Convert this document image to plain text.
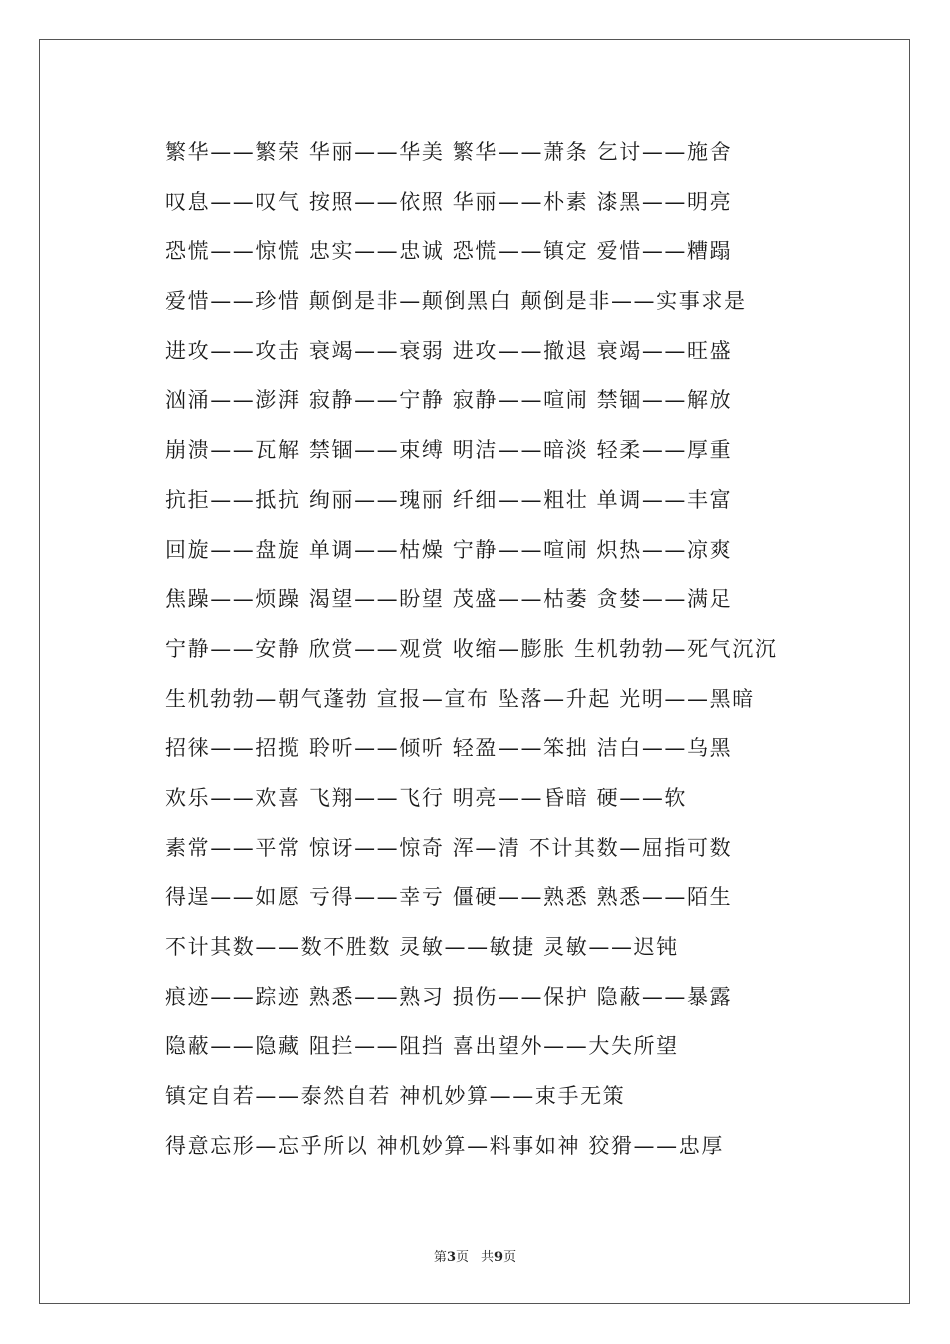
繁华——繁荣 华丽——华美 繁华——萧条 乞讨——施舍
叹息——叹气 按照——依照 华丽——朴素 漆黑——明亮
恐慌——惊慌 忠实——忠诚 恐慌——镇定 爱惜——糟蹋
爱惜——珍惜 颠倒是非—颠倒黑白 颠倒是非——实事求是
进攻——攻击 衰竭——衰弱 进攻——撤退 衰竭——旺盛
汹涌——澎湃 寂静——宁静 寂静——喧闹 禁锢——解放
崩溃——瓦解 禁锢——束缚 明洁——暗淡 轻柔——厚重
抗拒——抵抗 绚丽——瑰丽 纤细——粗壮 单调——丰富
回旋——盘旋 单调——枯燥 宁静——喧闹 炽热——凉爽
焦躁——烦躁 渴望——盼望 茂盛——枯萎 贪婪——满足
宁静——安静 欣赏——观赏 收缩—膨胀 生机勃勃—死气沉沉
生机勃勃—朝气蓬勃 宣报—宣布 坠落—升起 光明——黑暗
招徕——招揽 聆听——倾听 轻盈——笨拙 洁白——乌黑
欢乐——欢喜 飞翔——飞行 明亮——昏暗 硬——软
素常——平常 惊讶——惊奇 浑—清 不计其数—屈指可数
得逞——如愿 亏得——幸亏 僵硬——熟悉 熟悉——陌生
不计其数——数不胜数 灵敏——敏捷 灵敏——迟钝
痕迹——踪迹 熟悉——熟习 损伤——保护 隐蔽——暴露
隐蔽——隐藏 阻拦——阻挡 喜出望外——大失所望
镇定自若——泰然自若 神机妙算——束手无策
得意忘形—忘乎所以 神机妙算—料事如神 狡猾——忠厚
第3页 共9页
